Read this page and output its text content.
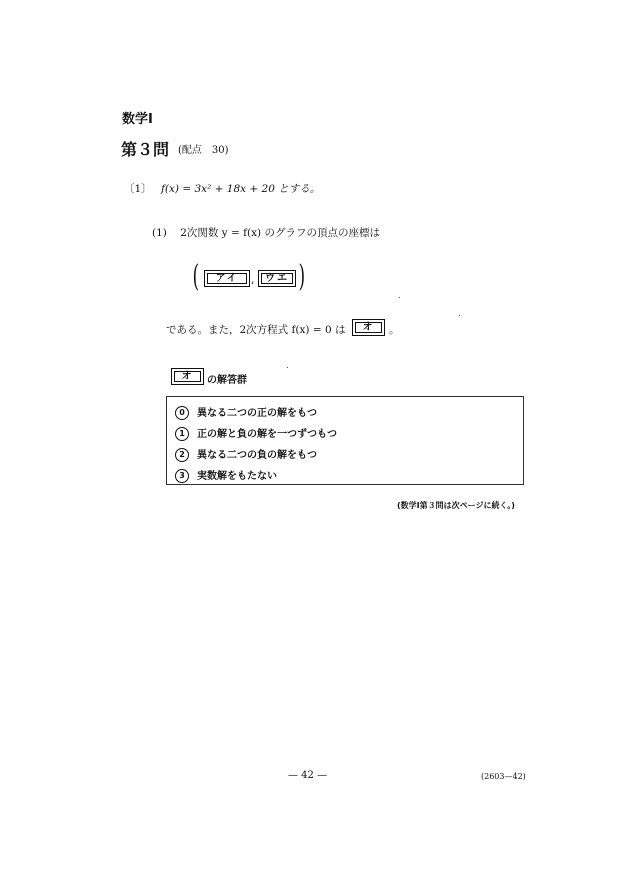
数学Ⅰ
第３問 (配点　30)
〔1〕 f(x) = 3x² + 18x + 20 とする。
(1) 2次関数 y = f(x) のグラフの頂点の座標は
(	アイ	,	ウエ )
である。また，2次方程式 f(x) = 0 は	オ	。
オ	の解答群
0 異なる二つの正の解をもつ
1 正の解と負の解を一つずつもつ
2 異なる二つの負の解をもつ
3 実数解をもたない
(数学Ⅰ第３問は次ページに続く。)
— 42 —	(2603—42)
